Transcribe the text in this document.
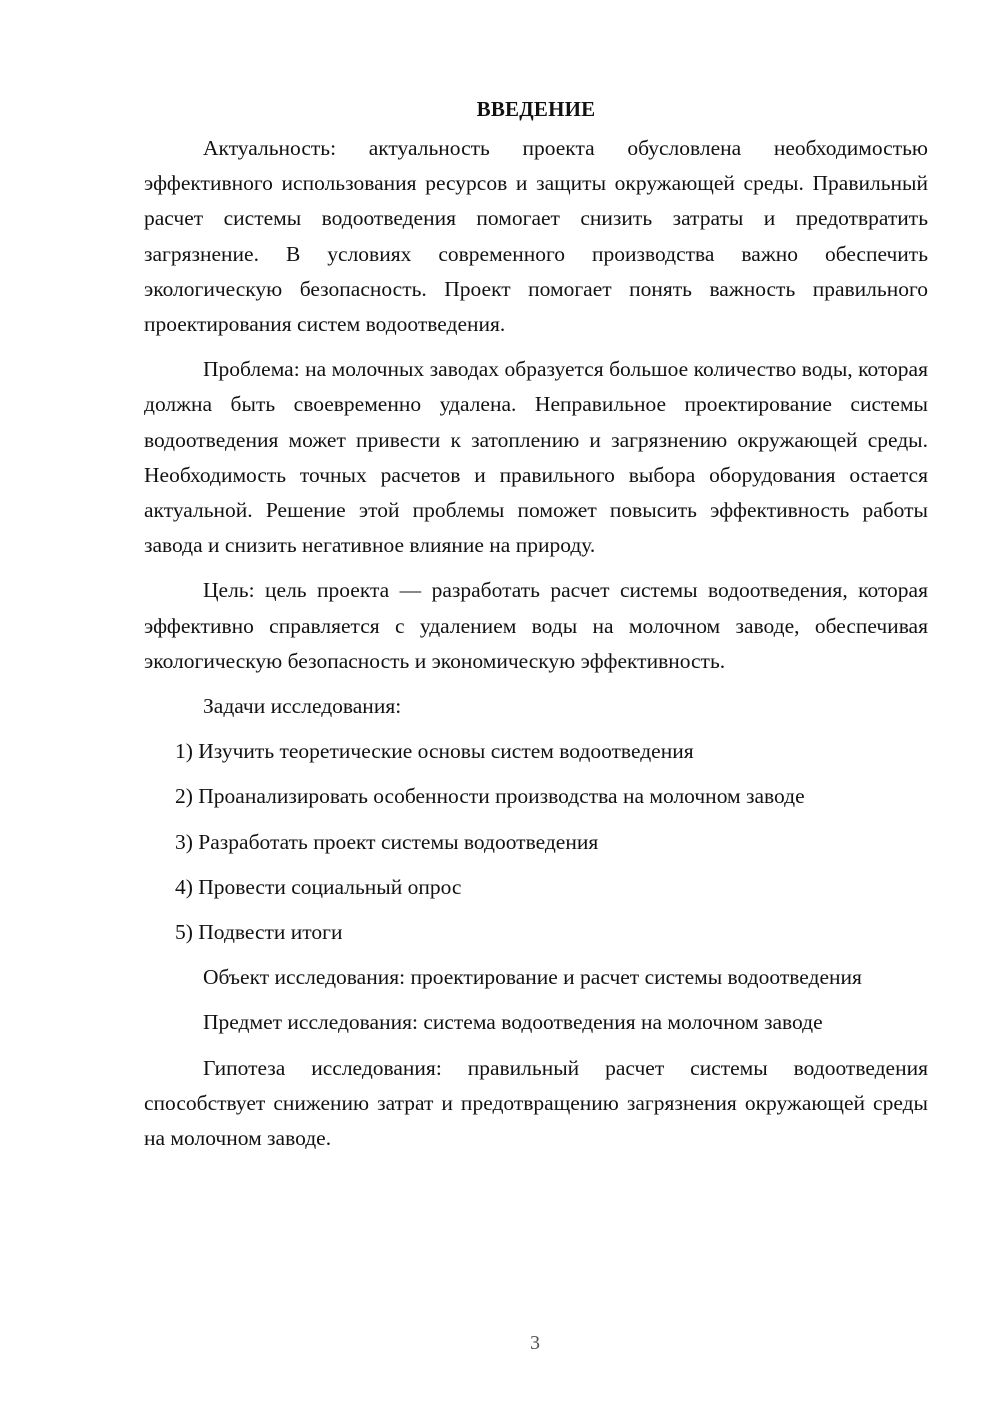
ВВЕДЕНИЕ

Актуальность: актуальность проекта обусловлена необходимостью эффективного использования ресурсов и защиты окружающей среды. Правильный расчет системы водоотведения помогает снизить затраты и предотвратить загрязнение. В условиях современного производства важно обеспечить экологическую безопасность. Проект помогает понять важность правильного проектирования систем водоотведения.

Проблема: на молочных заводах образуется большое количество воды, которая должна быть своевременно удалена. Неправильное проектирование системы водоотведения может привести к затоплению и загрязнению окружающей среды. Необходимость точных расчетов и правильного выбора оборудования остается актуальной. Решение этой проблемы поможет повысить эффективность работы завода и снизить негативное влияние на природу.

Цель: цель проекта — разработать расчет системы водоотведения, которая эффективно справляется с удалением воды на молочном заводе, обеспечивая экологическую безопасность и экономическую эффективность.

Задачи исследования:

1) Изучить теоретические основы систем водоотведения
2) Проанализировать особенности производства на молочном заводе
3) Разработать проект системы водоотведения
4) Провести социальный опрос
5) Подвести итоги

Объект исследования: проектирование и расчет системы водоотведения

Предмет исследования: система водоотведения на молочном заводе

Гипотеза исследования: правильный расчет системы водоотведения способствует снижению затрат и предотвращению загрязнения окружающей среды на молочном заводе.

3
